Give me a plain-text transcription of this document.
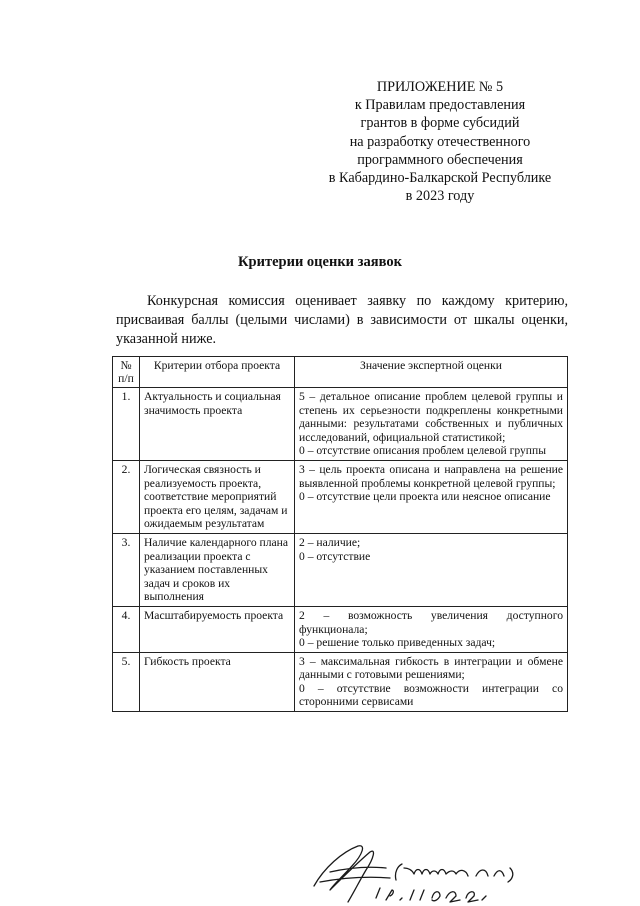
ПРИЛОЖЕНИЕ № 5
к Правилам предоставления
грантов в форме субсидий
на разработку отечественного
программного обеспечения
в Кабардино-Балкарской Республике
в 2023 году
Критерии оценки заявок
Конкурсная комиссия оценивает заявку по каждому критерию, присваивая баллы (целыми числами) в зависимости от шкалы оценки, указанной ниже.
№ п/п	Критерии отбора проекта	Значение экспертной оценки
1.	Актуальность и социальная значимость проекта	5 – детальное описание проблем целевой группы и степень их серьезности подкреплены конкретными данными: результатами собственных и публичных исследований, официальной статистикой;
0 – отсутствие описания проблем целевой группы

2.	Логическая связность и реализуемость проекта, соответствие мероприятий проекта его целям, задачам и ожидаемым результатам	3 – цель проекта описана и направлена на решение выявленной проблемы конкретной целевой группы;
0 – отсутствие цели проекта или неясное описание

3.	Наличие календарного плана реализации проекта с указанием поставленных задач и сроков их выполнения	2 – наличие;
0 – отсутствие

4.	Масштабируемость проекта	2 – возможность увеличения доступного функционала;
0 – решение только приведенных задач;

5.	Гибкость проекта	3 – максимальная гибкость в интеграции и обмене данными с готовыми решениями;
0 – отсутствие возможности интеграции со сторонними сервисами
